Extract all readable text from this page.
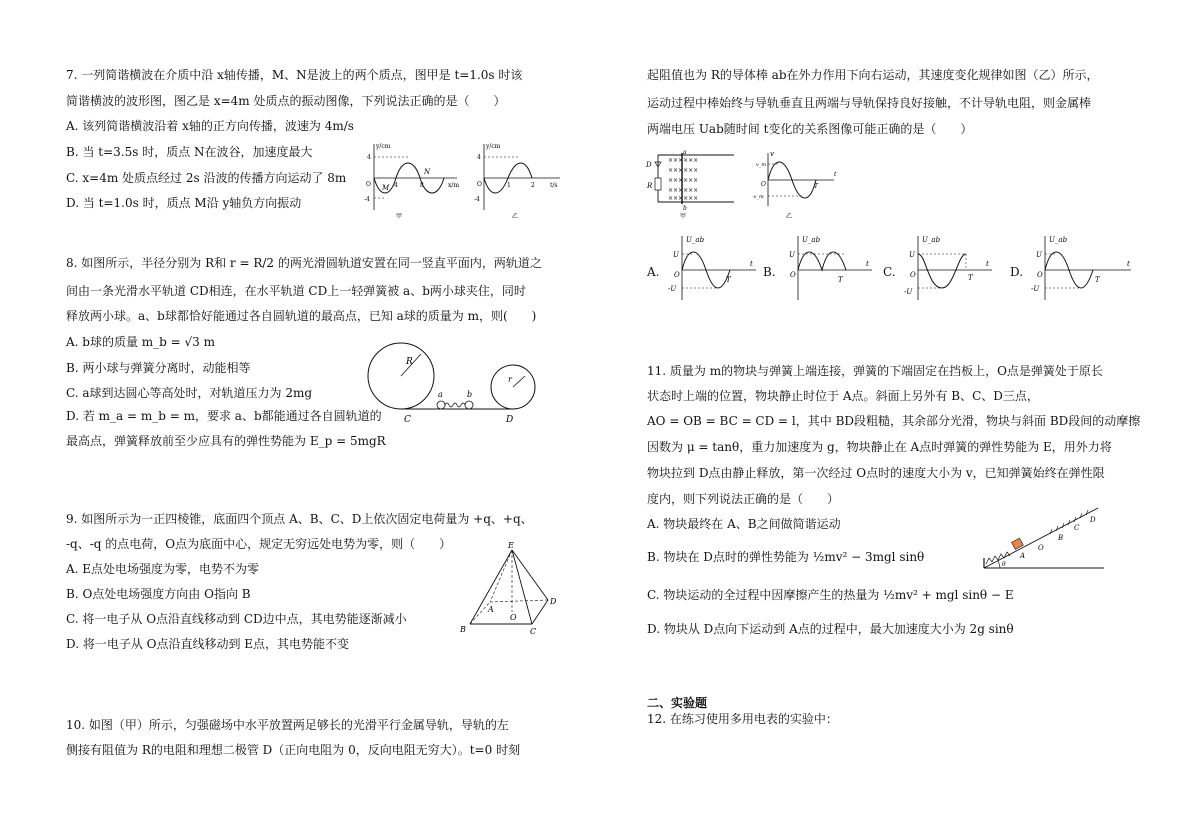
7. 一列简谐横波在介质中沿 x轴传播，M、N是波上的两个质点，图甲是 t=1.0s 时该
简谐横波的波形图，图乙是 x=4m 处质点的振动图像，下列说法正确的是（　　）
A. 该列简谐横波沿着 x轴的正方向传播，波速为 4m/s
B. 当 t=3.5s 时，质点 N在波谷，加速度最大
C. x=4m 处质点经过 2s 沿波的传播方向运动了 8m
D. 当 t=1.0s 时，质点 M沿 y轴负方向振动
y/cm
x/m
4
-4
O	4	8
M
N
甲
y/cm
t/s
4
-4
O	1	2
乙
8. 如图所示，半径分别为 R和 r = R/2 的两光滑圆轨道安置在同一竖直平面内，两轨道之
间由一条光滑水平轨道 CD相连，在水平轨道 CD上一轻弹簧被 a、b两小球夹住，同时
释放两小球。a、b球都恰好能通过各自圆轨道的最高点，已知 a球的质量为 m，则(　　)
A. b球的质量 m_b = √3 m
B. 两小球与弹簧分离时，动能相等
C. a球到达圆心等高处时，对轨道压力为 2mg
D. 若 m_a = m_b = m，要求 a、b都能通过各自圆轨道的
最高点，弹簧释放前至少应具有的弹性势能为 E_p = 5mgR
R
r
a	b
C	D
9. 如图所示为一正四棱锥，底面四个顶点 A、B、C、D上依次固定电荷量为 +q、+q、
-q、-q 的点电荷，O点为底面中心，规定无穷远处电势为零，则（　　）
A. E点处电场强度为零，电势不为零
B. O点处电场强度方向由 O指向 B
C. 将一电子从 O点沿直线移动到 CD边中点，其电势能逐渐减小
D. 将一电子从 O点沿直线移动到 E点，其电势能不变
E
A
B	C
D
O
10. 如图（甲）所示，匀强磁场中水平放置两足够长的光滑平行金属导轨，导轨的左
侧接有阻值为 R的电阻和理想二极管 D（正向电阻为 0，反向电阻无穷大）。t=0 时刻
起阻值也为 R的导体棒 ab在外力作用下向右运动，其速度变化规律如图（乙）所示，
运动过程中棒始终与导轨垂直且两端与导轨保持良好接触，不计导轨电阻，则金属棒
两端电压 Uab随时间 t变化的关系图像可能正确的是（　　）
××××××
××××××
××××××
××××××
××××××
D
R
a
b
甲
v
v_m
-v_m
O	T
t
乙
A.
U_ab
U
-U
O
T
t
B.
U_ab
U
O
T
t
C.
U_ab
U
-U
O	T
t
D.
U_ab
U
-U
O
T
t
11. 质量为 m的物块与弹簧上端连接，弹簧的下端固定在挡板上，O点是弹簧处于原长
状态时上端的位置，物块静止时位于 A点。斜面上另外有 B、C、D三点，
AO = OB = BC = CD = l，其中 BD段粗糙，其余部分光滑，物块与斜面 BD段间的动摩擦
因数为 μ = tanθ，重力加速度为 g，物块静止在 A点时弹簧的弹性势能为 E，用外力将
物块拉到 D点由静止释放，第一次经过 O点时的速度大小为 v，已知弹簧始终在弹性限
度内，则下列说法正确的是（　　）
A. 物块最终在 A、B之间做简谐运动
B. 物块在 D点时的弹性势能为 ½mv² − 3mgl sinθ
C. 物块运动的全过程中因摩擦产生的热量为 ½mv² + mgl sinθ − E
D. 物块从 D点向下运动到 A点的过程中，最大加速度大小为 2g sinθ
θ
A
O
B
C
D
二、实验题
12. 在练习使用多用电表的实验中：
